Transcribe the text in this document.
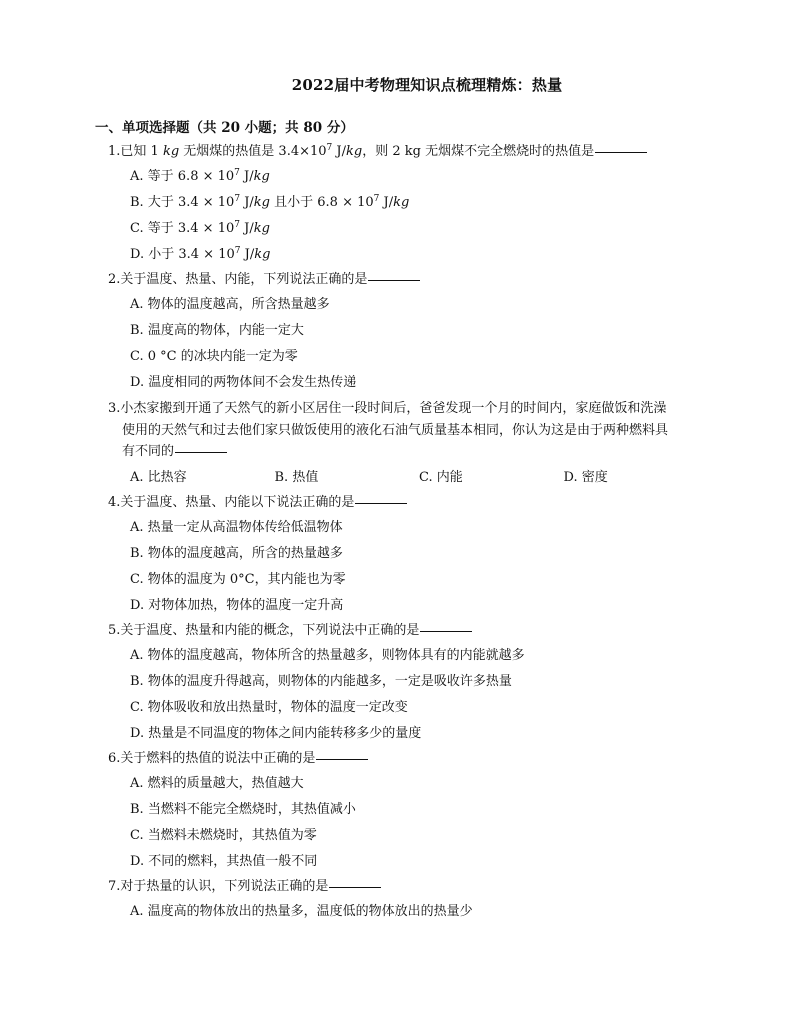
2022届中考物理知识点梳理精炼：热量
一、单项选择题（共 20 小题；共 80 分）
1.已知 1 kg 无烟煤的热值是 $3.4\times 10^7$ J/kg，则 2 kg 无烟煤不完全燃烧时的热值是
A. 等于 $6.8 \times 10^7$ J/kg
B. 大于 $3.4 \times 10^7$ J/kg 且小于 $6.8 \times 10^7$ J/kg
C. 等于 $3.4 \times 10^7$ J/kg
D. 小于 $3.4 \times 10^7$ J/kg
2.关于温度、热量、内能，下列说法正确的是
A. 物体的温度越高，所含热量越多
B. 温度高的物体，内能一定大
C. 0 °C 的冰块内能一定为零
D. 温度相同的两物体间不会发生热传递
3.小杰家搬到开通了天然气的新小区居住一段时间后，爸爸发现一个月的时间内，家庭做饭和洗澡
使用的天然气和过去他们家只做饭使用的液化石油气质量基本相同，你认为这是由于两种燃料具
有不同的
A. 比热容	B. 热值	C. 内能	D. 密度
4.关于温度、热量、内能以下说法正确的是
A. 热量一定从高温物体传给低温物体
B. 物体的温度越高，所含的热量越多
C. 物体的温度为 0°C，其内能也为零
D. 对物体加热，物体的温度一定升高
5.关于温度、热量和内能的概念，下列说法中正确的是
A. 物体的温度越高，物体所含的热量越多，则物体具有的内能就越多
B. 物体的温度升得越高，则物体的内能越多，一定是吸收许多热量
C. 物体吸收和放出热量时，物体的温度一定改变
D. 热量是不同温度的物体之间内能转移多少的量度
6.关于燃料的热值的说法中正确的是
A. 燃料的质量越大，热值越大
B. 当燃料不能完全燃烧时，其热值减小
C. 当燃料未燃烧时，其热值为零
D. 不同的燃料，其热值一般不同
7.对于热量的认识，下列说法正确的是
A. 温度高的物体放出的热量多，温度低的物体放出的热量少
